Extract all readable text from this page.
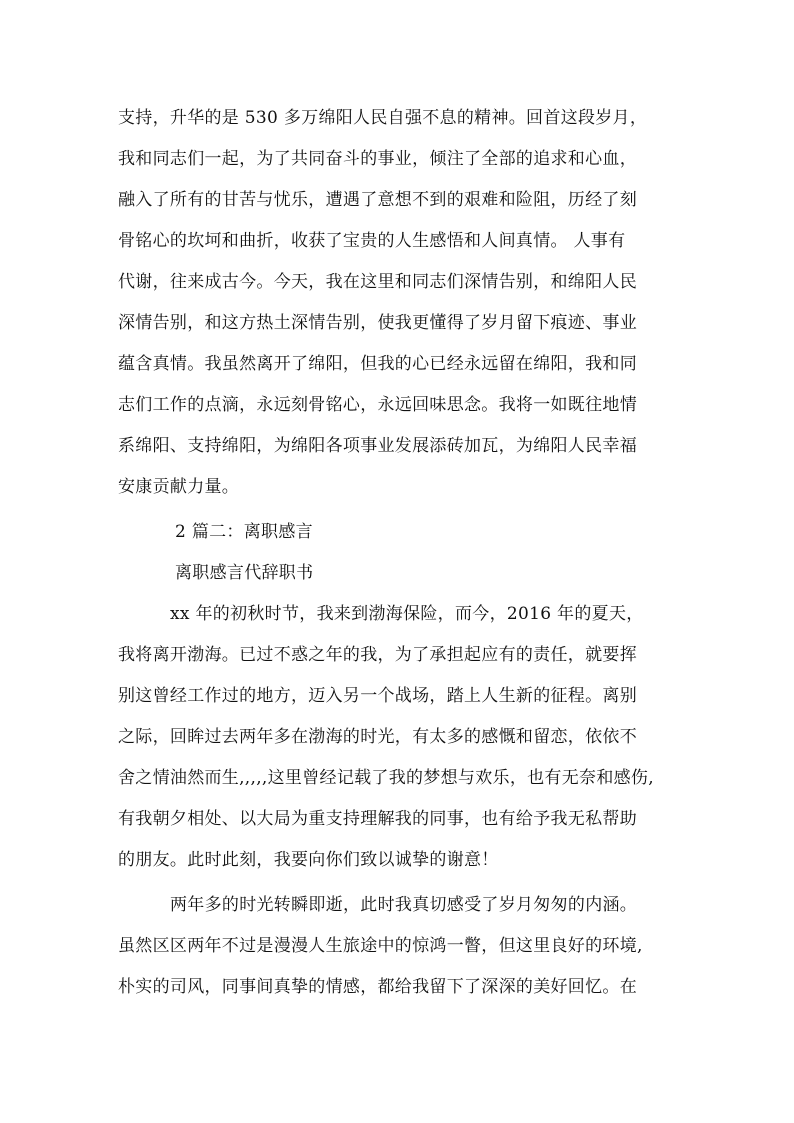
支持，升华的是 530 多万绵阳人民自强不息的精神。回首这段岁月，
我和同志们一起，为了共同奋斗的事业，倾注了全部的追求和心血，
融入了所有的甘苦与忧乐，遭遇了意想不到的艰难和险阻，历经了刻
骨铭心的坎坷和曲折，收获了宝贵的人生感悟和人间真情。 人事有
代谢，往来成古今。今天，我在这里和同志们深情告别，和绵阳人民
深情告别，和这方热土深情告别，使我更懂得了岁月留下痕迹、事业
蕴含真情。我虽然离开了绵阳，但我的心已经永远留在绵阳，我和同
志们工作的点滴，永远刻骨铭心，永远回味思念。我将一如既往地情
系绵阳、支持绵阳，为绵阳各项事业发展添砖加瓦，为绵阳人民幸福
安康贡献力量。
2 篇二：离职感言
离职感言代辞职书
xx 年的初秋时节，我来到渤海保险，而今，2016 年的夏天，
我将离开渤海。已过不惑之年的我，为了承担起应有的责任，就要挥
别这曾经工作过的地方，迈入另一个战场，踏上人生新的征程。离别
之际，回眸过去两年多在渤海的时光，有太多的感慨和留恋，依依不
舍之情油然而生,,,,,这里曾经记载了我的梦想与欢乐，也有无奈和感伤,
有我朝夕相处、以大局为重支持理解我的同事，也有给予我无私帮助
的朋友。此时此刻，我要向你们致以诚挚的谢意！
两年多的时光转瞬即逝，此时我真切感受了岁月匆匆的内涵。
虽然区区两年不过是漫漫人生旅途中的惊鸿一瞥，但这里良好的环境,
朴实的司风，同事间真挚的情感，都给我留下了深深的美好回忆。在
